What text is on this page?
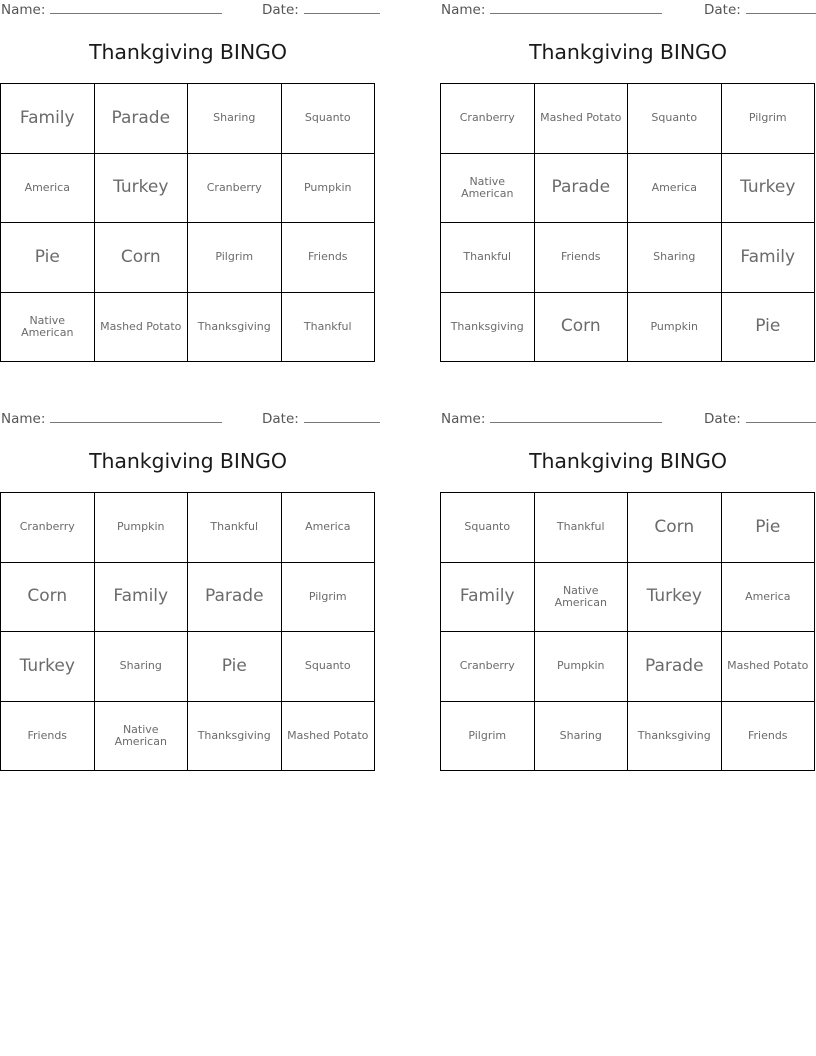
Name:	Date:
Thankgiving BINGO
Family	Parade	Sharing	Squanto
America	Turkey	Cranberry	Pumpkin
Pie	Corn	Pilgrim	Friends
Native American	Mashed Potato	Thanksgiving	Thankful
Name:	Date:
Thankgiving BINGO
Cranberry	Mashed Potato	Squanto	Pilgrim
Native American	Parade	America	Turkey
Thankful	Friends	Sharing	Family
Thanksgiving	Corn	Pumpkin	Pie
Name:	Date:
Thankgiving BINGO
Cranberry	Pumpkin	Thankful	America
Corn	Family	Parade	Pilgrim
Turkey	Sharing	Pie	Squanto
Friends	Native American	Thanksgiving	Mashed Potato
Name:	Date:
Thankgiving BINGO
Squanto	Thankful	Corn	Pie
Family	Native American	Turkey	America
Cranberry	Pumpkin	Parade	Mashed Potato
Pilgrim	Sharing	Thanksgiving	Friends
